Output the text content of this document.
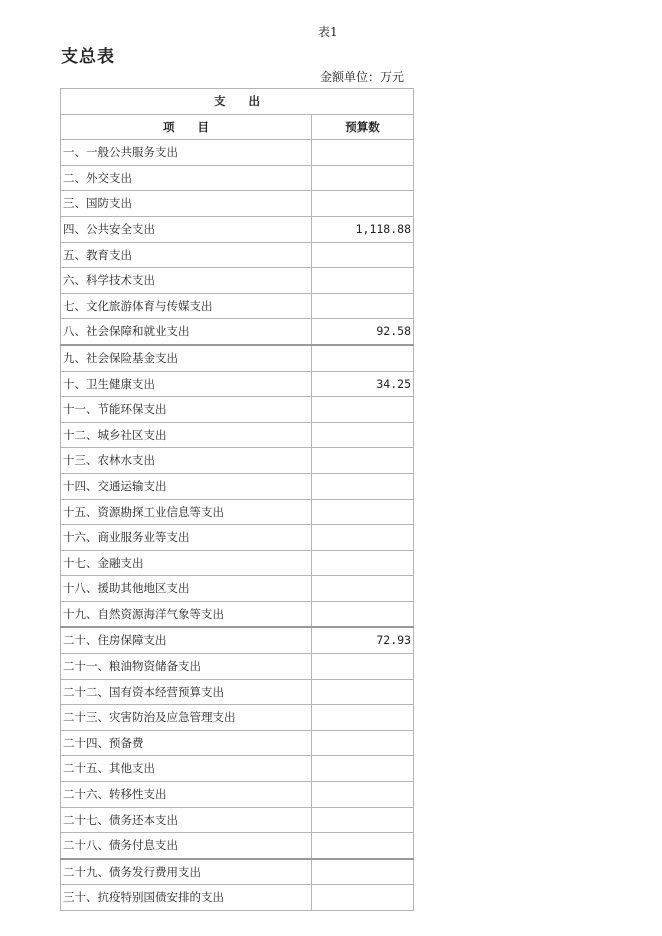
表1
支总表
金额单位：万元
支　　出	
项　　目	预算数
一、一般公共服务支出	
二、外交支出	
三、国防支出	
四、公共安全支出	1,118.88
五、教育支出	
六、科学技术支出	
七、文化旅游体育与传媒支出	
八、社会保障和就业支出	92.58
九、社会保险基金支出	
十、卫生健康支出	34.25
十一、节能环保支出	
十二、城乡社区支出	
十三、农林水支出	
十四、交通运输支出	
十五、资源勘探工业信息等支出	
十六、商业服务业等支出	
十七、金融支出	
十八、援助其他地区支出	
十九、自然资源海洋气象等支出	
二十、住房保障支出	72.93
二十一、粮油物资储备支出	
二十二、国有资本经营预算支出	
二十三、灾害防治及应急管理支出	
二十四、预备费	
二十五、其他支出	
二十六、转移性支出	
二十七、债务还本支出	
二十八、债务付息支出	
二十九、债务发行费用支出	
三十、抗疫特别国债安排的支出	
